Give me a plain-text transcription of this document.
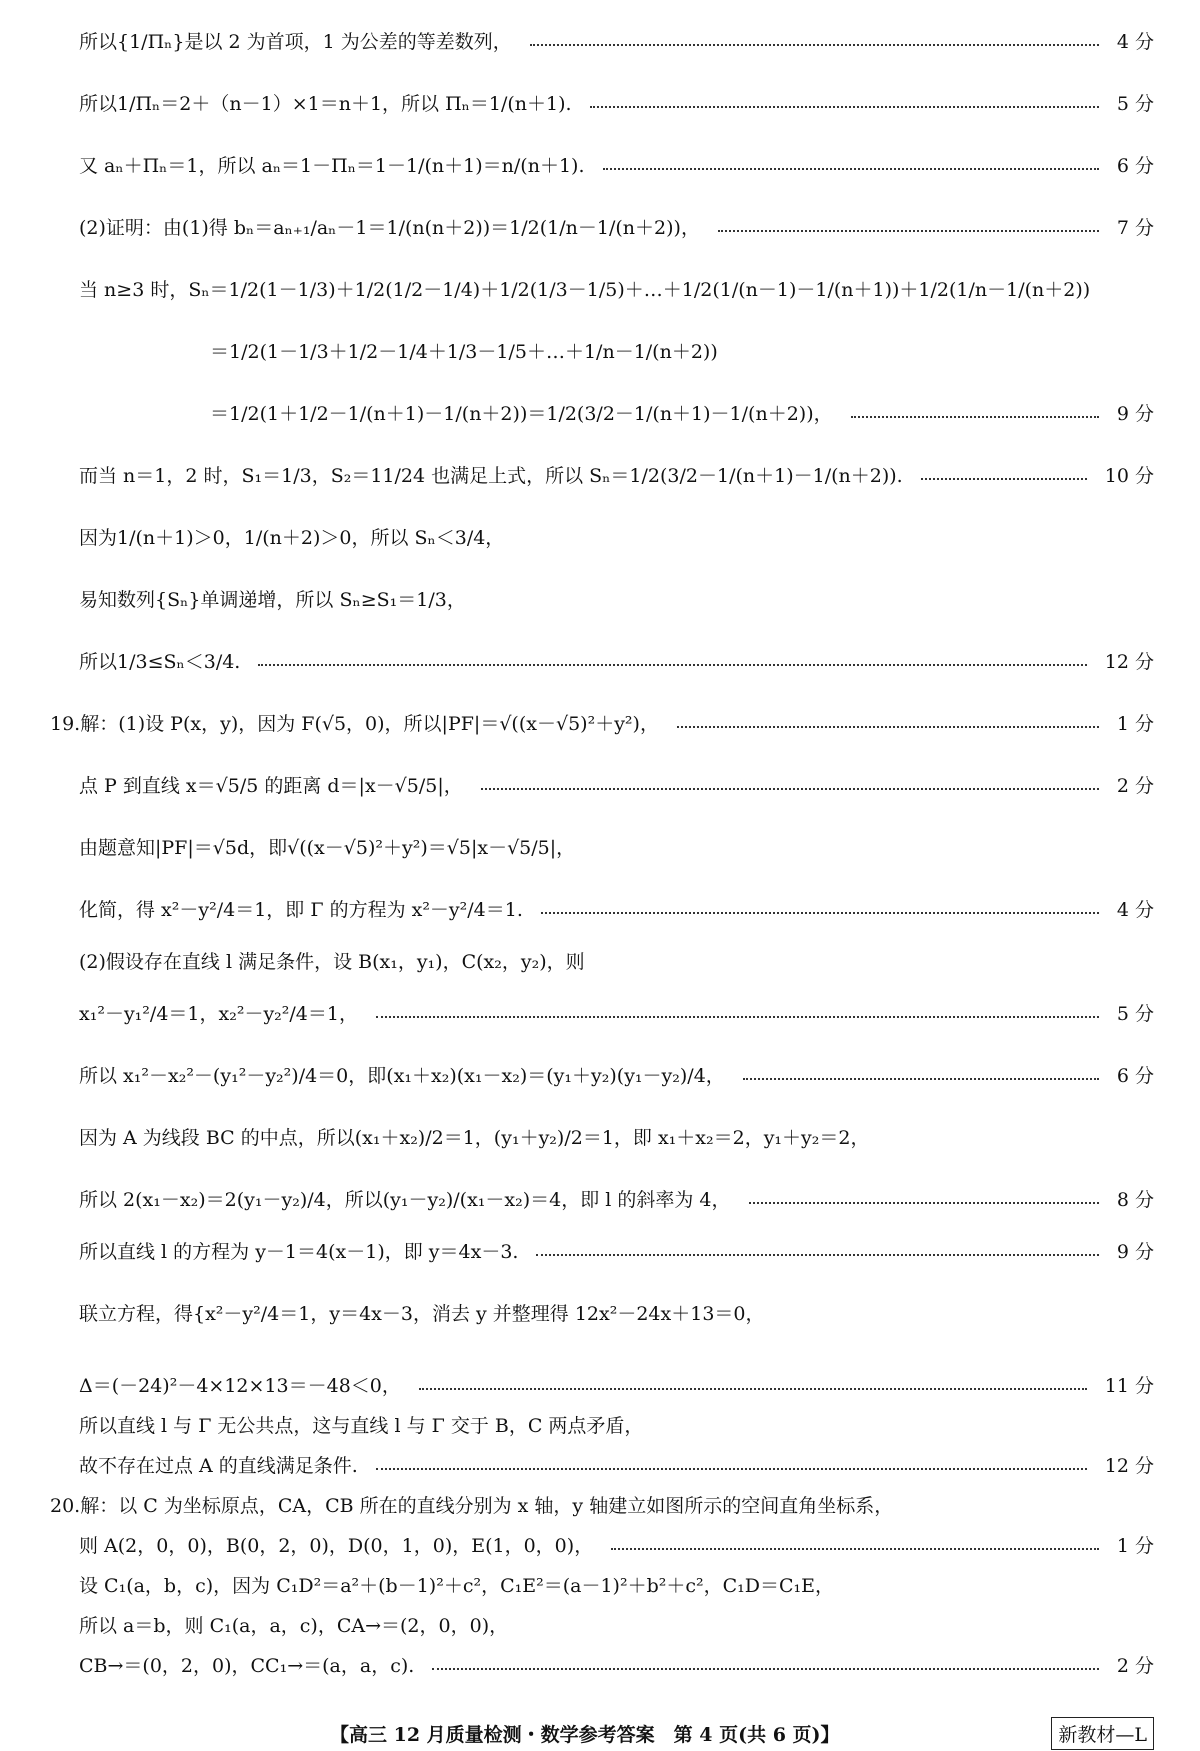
所以{1/Πₙ}是以 2 为首项，1 为公差的等差数列，	4 分
所以1/Πₙ＝2＋（n－1）×1＝n＋1，所以 Πₙ＝1/(n＋1).	5 分
又 aₙ＋Πₙ＝1，所以 aₙ＝1－Πₙ＝1－1/(n＋1)＝n/(n＋1).	6 分
(2)证明：由(1)得 bₙ＝aₙ₊₁/aₙ－1＝1/(n(n＋2))＝1/2(1/n－1/(n＋2))，	7 分
当 n≥3 时，Sₙ＝1/2(1－1/3)＋1/2(1/2－1/4)＋1/2(1/3－1/5)＋…＋1/2(1/(n－1)－1/(n＋1))＋1/2(1/n－1/(n＋2))
＝1/2(1－1/3＋1/2－1/4＋1/3－1/5＋…＋1/n－1/(n＋2))
＝1/2(1＋1/2－1/(n＋1)－1/(n＋2))＝1/2(3/2－1/(n＋1)－1/(n＋2))，	9 分
而当 n＝1，2 时，S₁＝1/3，S₂＝11/24 也满足上式，所以 Sₙ＝1/2(3/2－1/(n＋1)－1/(n＋2)).	10 分
因为1/(n＋1)＞0，1/(n＋2)＞0，所以 Sₙ＜3/4，
易知数列{Sₙ}单调递增，所以 Sₙ≥S₁＝1/3，
所以1/3≤Sₙ＜3/4.	12 分
19.解：(1)设 P(x，y)，因为 F(√5，0)，所以|PF|＝√((x－√5)²＋y²)，	1 分
点 P 到直线 x＝√5/5 的距离 d＝|x－√5/5|，	2 分
由题意知|PF|＝√5d，即√((x－√5)²＋y²)＝√5|x－√5/5|，
化简，得 x²－y²/4＝1，即 Γ 的方程为 x²－y²/4＝1.	4 分
(2)假设存在直线 l 满足条件，设 B(x₁，y₁)，C(x₂，y₂)，则
x₁²－y₁²/4＝1，x₂²－y₂²/4＝1，	5 分
所以 x₁²－x₂²－(y₁²－y₂²)/4＝0，即(x₁＋x₂)(x₁－x₂)＝(y₁＋y₂)(y₁－y₂)/4，	6 分
因为 A 为线段 BC 的中点，所以(x₁＋x₂)/2＝1，(y₁＋y₂)/2＝1，即 x₁＋x₂＝2，y₁＋y₂＝2，
所以 2(x₁－x₂)＝2(y₁－y₂)/4，所以(y₁－y₂)/(x₁－x₂)＝4，即 l 的斜率为 4，	8 分
所以直线 l 的方程为 y－1＝4(x－1)，即 y＝4x－3.	9 分
联立方程，得{x²－y²/4＝1，y＝4x－3，消去 y 并整理得 12x²－24x＋13＝0，
Δ＝(－24)²－4×12×13＝－48＜0，	11 分
所以直线 l 与 Γ 无公共点，这与直线 l 与 Γ 交于 B，C 两点矛盾，
故不存在过点 A 的直线满足条件.	12 分
20.解：以 C 为坐标原点，CA，CB 所在的直线分别为 x 轴，y 轴建立如图所示的空间直角坐标系，
则 A(2，0，0)，B(0，2，0)，D(0，1，0)，E(1，0，0)，	1 分
设 C₁(a，b，c)，因为 C₁D²＝a²＋(b－1)²＋c²，C₁E²＝(a－1)²＋b²＋c²，C₁D＝C₁E，
所以 a＝b，则 C₁(a，a，c)，CA→＝(2，0，0)，
CB→＝(0，2，0)，CC₁→＝(a，a，c).	2 分
【高三 12 月质量检测・数学参考答案　第 4 页(共 6 页)】	新教材—L
